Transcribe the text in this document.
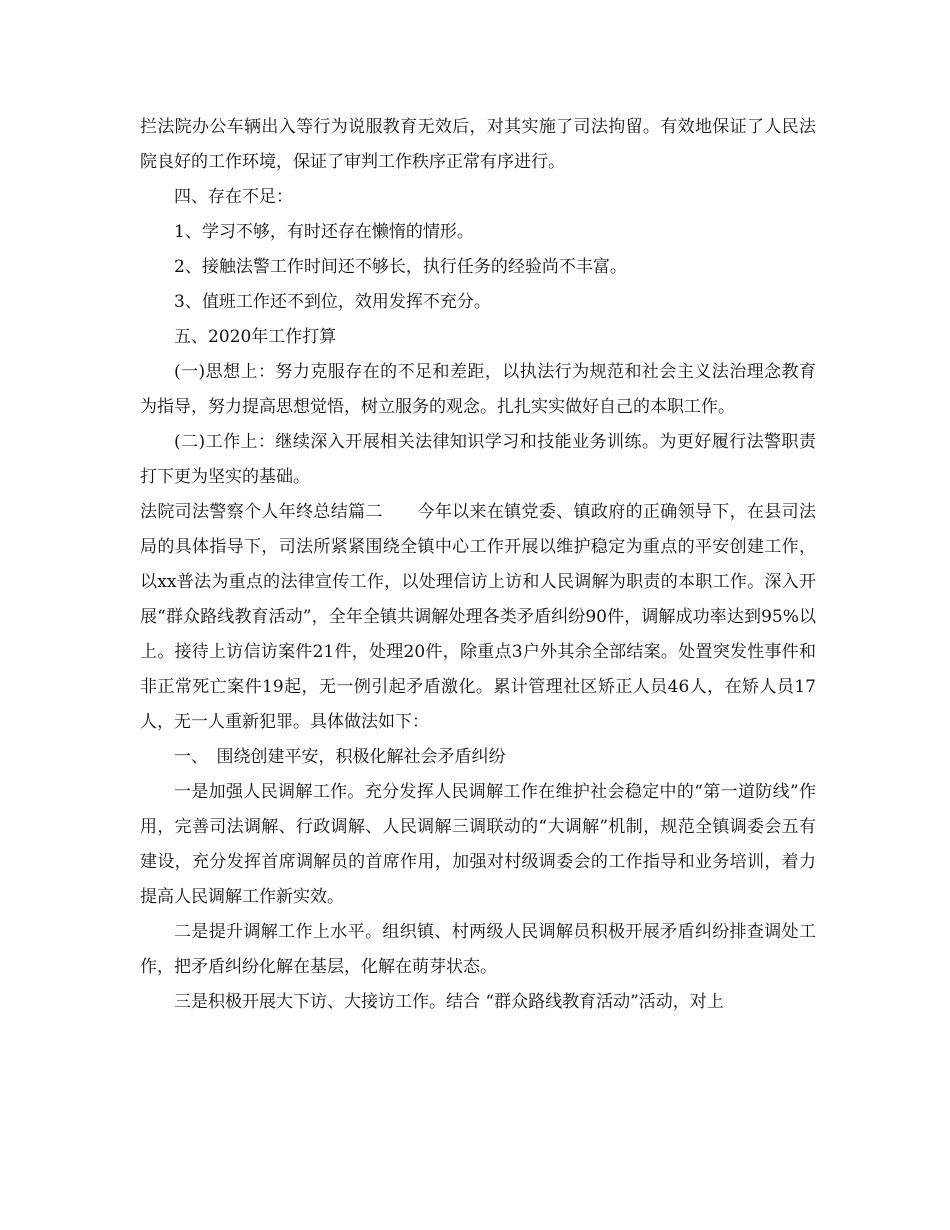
拦法院办公车辆出入等行为说服教育无效后，对其实施了司法拘留。有效地保证了人民法院良好的工作环境，保证了审判工作秩序正常有序进行。

四、存在不足：

1、学习不够，有时还存在懒惰的情形。

2、接触法警工作时间还不够长，执行任务的经验尚不丰富。

3、值班工作还不到位，效用发挥不充分。

五、2020年工作打算

(一)思想上：努力克服存在的不足和差距，以执法行为规范和社会主义法治理念教育为指导，努力提高思想觉悟，树立服务的观念。扎扎实实做好自己的本职工作。

(二)工作上：继续深入开展相关法律知识学习和技能业务训练。为更好履行法警职责打下更为坚实的基础。

法院司法警察个人年终总结篇二　　今年以来在镇党委、镇政府的正确领导下，在县司法局的具体指导下，司法所紧紧围绕全镇中心工作开展以维护稳定为重点的平安创建工作，以xx普法为重点的法律宣传工作，以处理信访上访和人民调解为职责的本职工作。深入开展“群众路线教育活动”，全年全镇共调解处理各类矛盾纠纷90件，调解成功率达到95%以上。接待上访信访案件21件，处理20件，除重点3户外其余全部结案。处置突发性事件和非正常死亡案件19起，无一例引起矛盾激化。累计管理社区矫正人员46人，在矫人员17人，无一人重新犯罪。具体做法如下：

一、　围绕创建平安，积极化解社会矛盾纠纷

一是加强人民调解工作。充分发挥人民调解工作在维护社会稳定中的“第一道防线”作用，完善司法调解、行政调解、人民调解三调联动的“大调解”机制，规范全镇调委会五有建设，充分发挥首席调解员的首席作用，加强对村级调委会的工作指导和业务培训，着力提高人民调解工作新实效。

二是提升调解工作上水平。组织镇、村两级人民调解员积极开展矛盾纠纷排查调处工作，把矛盾纠纷化解在基层，化解在萌芽状态。

三是积极开展大下访、大接访工作。结合 “群众路线教育活动”活动，对上
